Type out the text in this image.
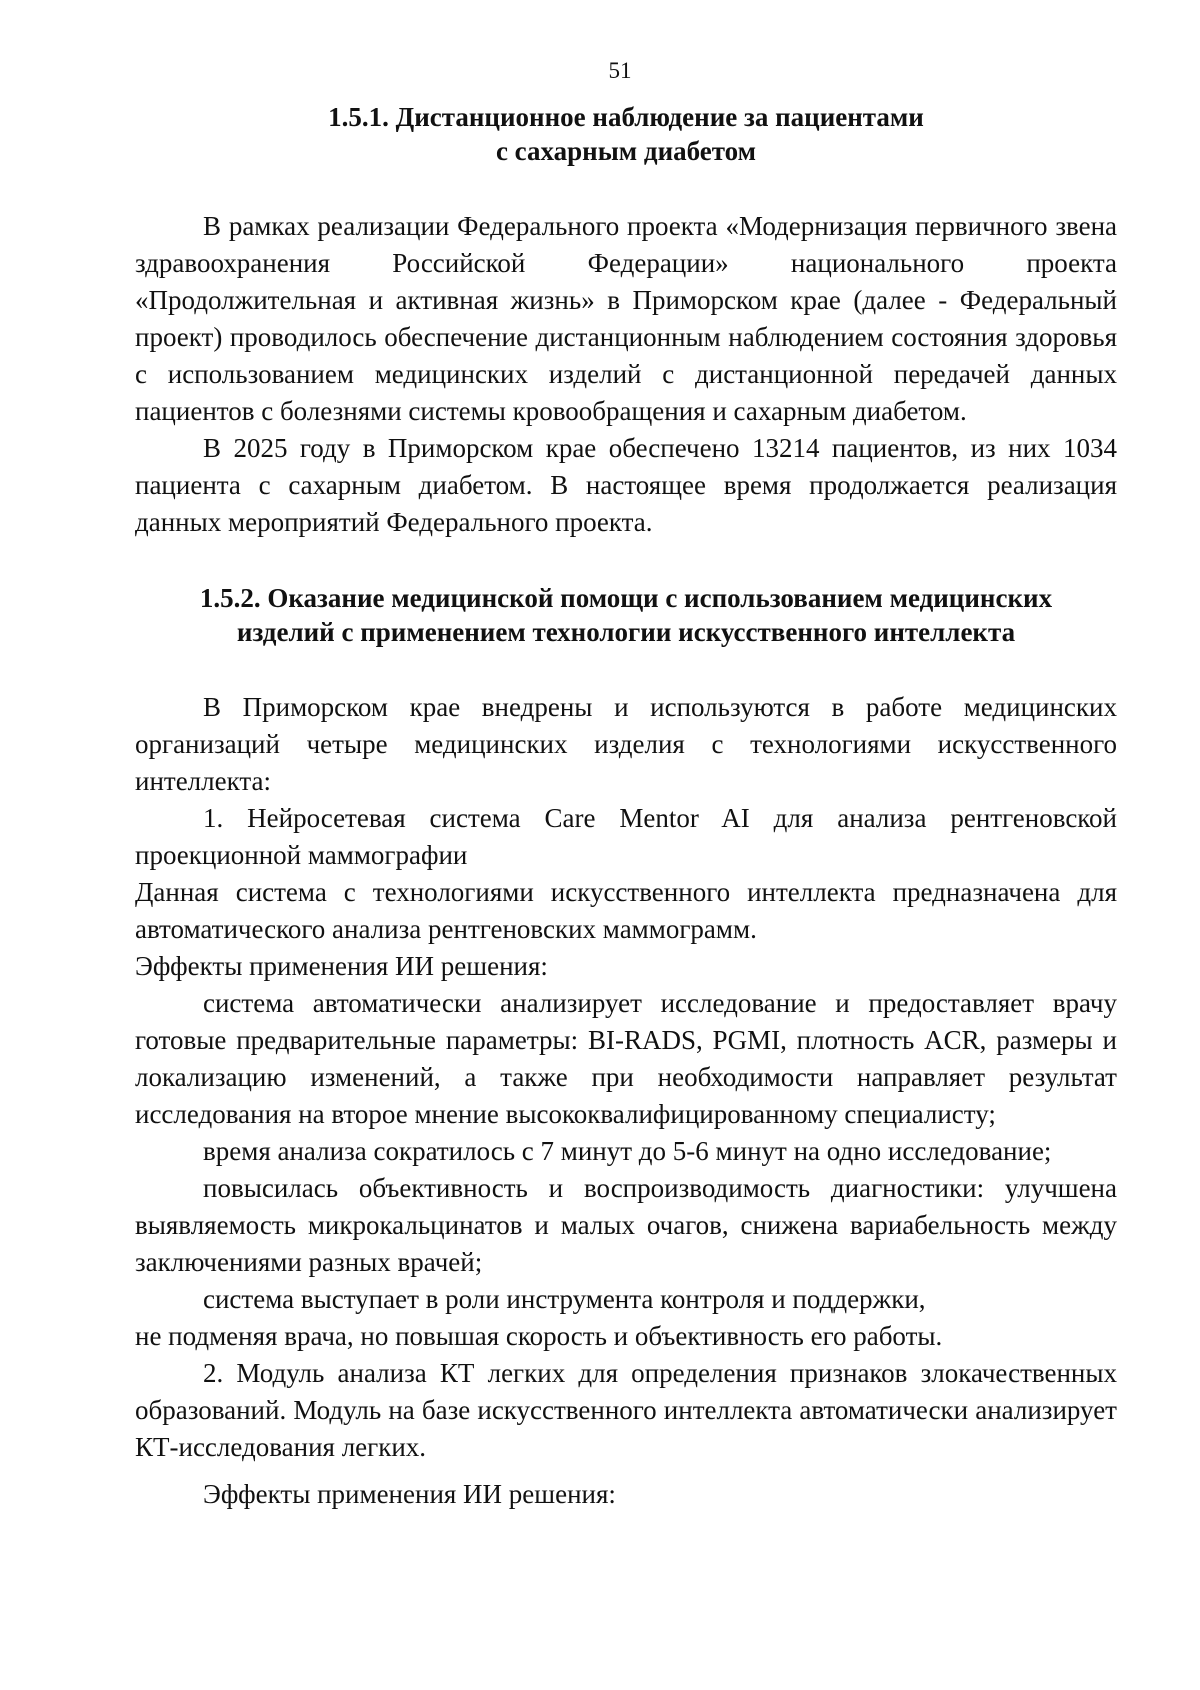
51
1.5.1. Дистанционное наблюдение за пациентами
с сахарным диабетом

В рамках реализации Федерального проекта «Модернизация первичного звена здравоохранения Российской Федерации» национального проекта «Продолжительная и активная жизнь» в Приморском крае (далее - Федеральный проект) проводилось обеспечение дистанционным наблюдением состояния здоровья с использованием медицинских изделий с дистанционной передачей данных пациентов с болезнями системы кровообращения и сахарным диабетом.

В 2025 году в Приморском крае обеспечено 13214 пациентов, из них 1034 пациента с сахарным диабетом. В настоящее время продолжается реализация данных мероприятий Федерального проекта.

1.5.2. Оказание медицинской помощи с использованием медицинских
изделий с применением технологии искусственного интеллекта

В Приморском крае внедрены и используются в работе медицинских организаций четыре медицинских изделия с технологиями искусственного интеллекта:

1. Нейросетевая система Care Mentor AI для анализа рентгеновской проекционной маммографии

Данная система с технологиями искусственного интеллекта предназначена для автоматического анализа рентгеновских маммограмм.

Эффекты применения ИИ решения:

система автоматически анализирует исследование и предоставляет врачу готовые предварительные параметры: BI-RADS, PGMI, плотность ACR, размеры и локализацию изменений, а также при необходимости направляет результат исследования на второе мнение высококвалифицированному специалисту;

время анализа сократилось с 7 минут до 5-6 минут на одно исследование;

повысилась объективность и воспроизводимость диагностики: улучшена выявляемость микрокальцинатов и малых очагов, снижена вариабельность между заключениями разных врачей;

система выступает в роли инструмента контроля и поддержки,

не подменяя врача, но повышая скорость и объективность его работы.

2. Модуль анализа КТ легких для определения признаков злокачественных образований. Модуль на базе искусственного интеллекта автоматически анализирует КТ-исследования легких.

Эффекты применения ИИ решения:
